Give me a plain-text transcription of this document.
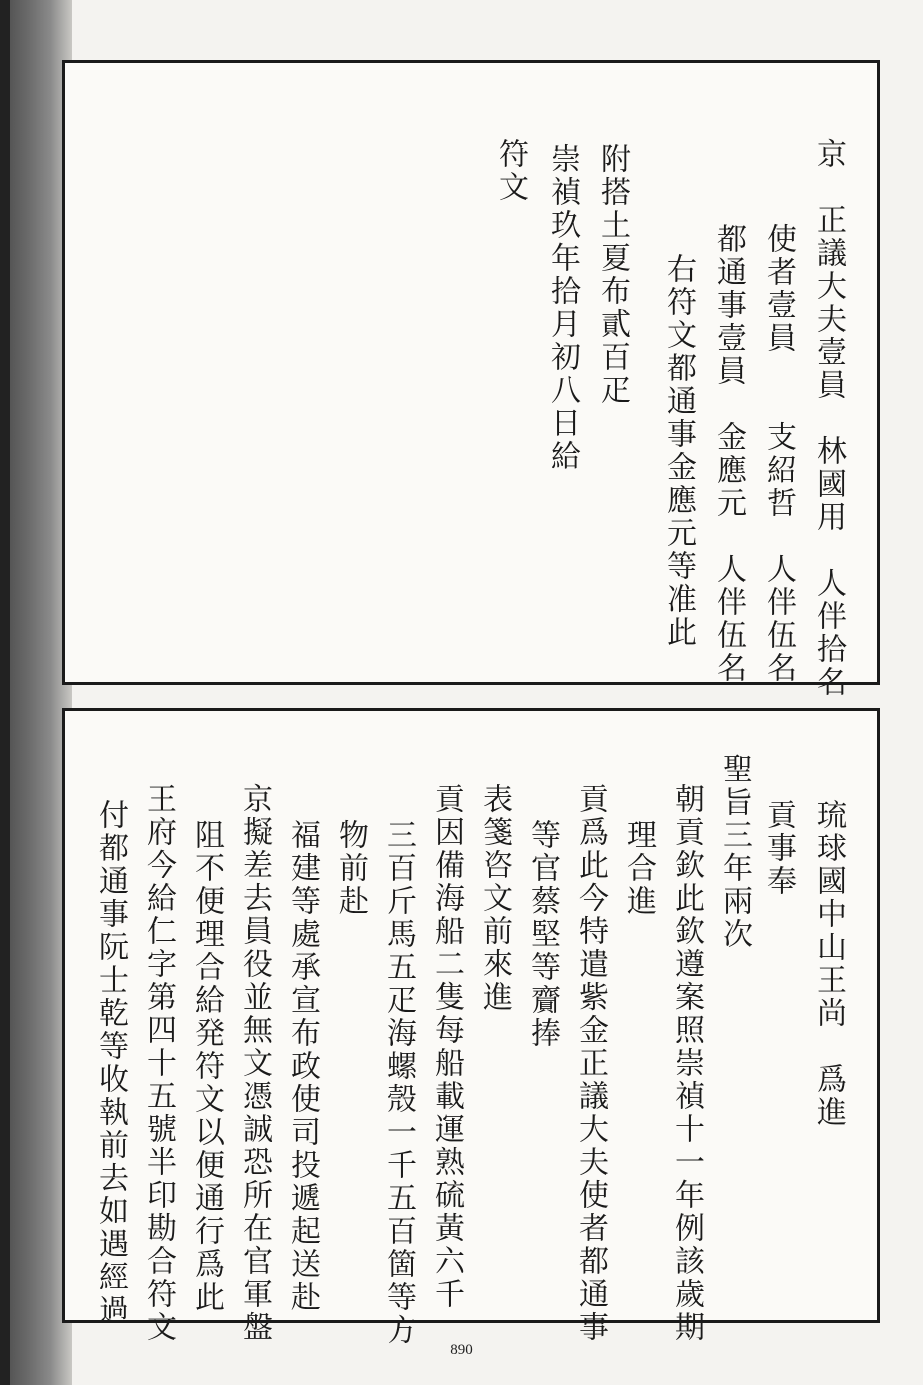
京　正議大夫壹員　林國用　人伴拾名
使者壹員　　支紹哲　人伴伍名
都通事壹員　金應元　人伴伍名
右符文都通事金應元等准此
附搭土夏布貳百疋
崇禎玖年拾月初八日給
符文
琉球國中山王尚　爲進
貢事奉
聖旨三年兩次
朝貢欽此欽遵案照崇禎十一年例該歲期
理合進
貢爲此今特遣紫金正議大夫使者都通事
等官蔡堅等齎捧
表箋咨文前來進
貢因備海船二隻每船載運熟硫黃六千
三百斤馬五疋海螺殼一千五百箇等方
物前赴
福建等處承宣布政使司投遞起送赴
京擬差去員役並無文憑誠恐所在官軍盤
阻不便理合給発符文以便通行爲此
王府今給仁字第四十五號半印勘合符文
付都通事阮士乾等收執前去如遇經過
890
